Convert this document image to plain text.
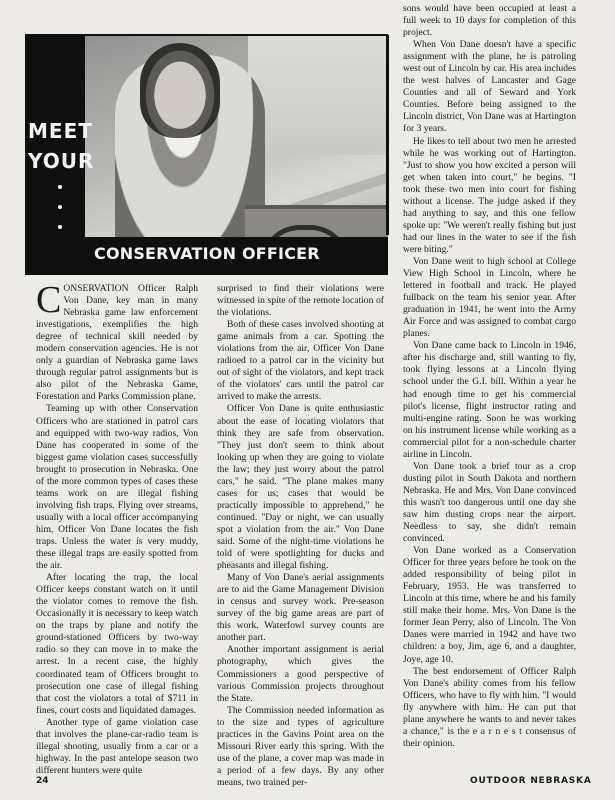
MEET
YOUR
CONSERVATION OFFICER

CONSERVATION Officer Ralph Von Dane, key man in many Nebraska game law enforcement investigations, exemplifies the high degree of technical skill needed by modern conservation agencies. He is not only a guardian of Nebraska game laws through regular patrol assignments but is also pilot of the Nebraska Game, Forestation and Parks Commission plane.

Teaming up with other Conservation Officers who are stationed in patrol cars and equipped with two-way radios, Von Dane has cooperated in some of the biggest game violation cases successfully brought to prosecution in Nebraska. One of the more common types of cases these teams work on are illegal fishing involving fish traps. Flying over streams, usually with a local officer accompanying him, Officer Von Dane locates the fish traps. Unless the water is very muddy, these illegal traps are easily spotted from the air.

After locating the trap, the local Officer keeps constant watch on it until the violator comes to remove the fish. Occasionally it is necessary to keep watch on the traps by plane and notify the ground-stationed Officers by two-way radio so they can move in to make the arrest. In a recent case, the highly coordinated team of Officers brought to prosecution one case of illegal fishing that cost the violators a total of $711 in fines, court costs and liquidated damages.

Another type of game violation case that involves the plane-car-radio team is illegal shooting, usually from a car or a highway. In the past antelope season two different hunters were quite

surprised to find their violations were witnessed in spite of the remote location of the violations.

Both of these cases involved shooting at game animals from a car. Spotting the violations from the air, Officer Von Dane radioed to a patrol car in the vicinity but out of sight of the violators, and kept track of the violators' cars until the patrol car arrived to make the arrests.

Officer Von Dane is quite enthusiastic about the ease of locating violators that think they are safe from observation. "They just don't seem to think about looking up when they are going to violate the law; they just worry about the patrol cars," he said. "The plane makes many cases for us; cases that would be practically impossible to apprehend," he continued. "Day or night, we can usually spot a violation from the air." Von Dane said. Some of the night-time violations he told of were spotlighting for ducks and pheasants and illegal fishing.

Many of Von Dane's aerial assignments are to aid the Game Management Division in census and survey work. Pre-season survey of the big game areas are part of this work. Waterfowl survey counts are another part.

Another important assignment is aerial photography, which gives the Commissioners a good perspective of various Commission projects throughout the State.

The Commission needed information as to the size and types of agriculture practices in the Gavins Point area on the Missouri River early this spring. With the use of the plane, a cover map was made in a period of a few days. By any other means, two trained per-

sons would have been occupied at least a full week to 10 days for completion of this project.

When Von Dane doesn't have a specific assignment with the plane, he is patroling west out of Lincoln by car. His area includes the west halves of Lancaster and Gage Counties and all of Seward and York Counties. Before being assigned to the Lincoln district, Von Dane was at Hartington for 3 years.

He likes to tell about two men he arrested while he was working out of Hartington. "Just to show you how excited a person will get when taken into court," he begins. "I took these two men into court for fishing without a license. The judge asked if they had anything to say, and this one fellow spoke up: "We weren't really fishing but just had our lines in the water to see if the fish were biting."

Von Dane went to high school at College View High School in Lincoln, where he lettered in football and track. He played fullback on the team his senior year. After graduation in 1941, he went into the Army Air Force and was assigned to combat cargo planes.

Von Dane came back to Lincoln in 1946, after his discharge and, still wanting to fly, took flying lessons at a Lincoln flying school under the G.I. bill. Within a year he had enough time to get his commercial pilot's license, flight instructor rating and multi-engine rating. Soon he was working on his instrument license while working as a commercial pilot for a non-schedule charter airline in Lincoln.

Von Dane took a brief tour as a crop dusting pilot in South Dakota and northern Nebraska. He and Mrs. Von Dane convinced this wasn't too dangerous until one day she saw him dusting crops near the airport. Needless to say, she didn't remain convinced.

Von Dane worked as a Conservation Officer for three years before he took on the added responsibility of being pilot in February, 1953. He was transferred to Lincoln at this time, where he and his family still make their home. Mrs. Von Dane is the former Jean Perry, also of Lincoln. The Von Danes were married in 1942 and have two children: a boy, Jim, age 6, and a daughter, Joye, age 10.

The best endorsement of Officer Ralph Von Dane's ability comes from his fellow Officers, who have to fly with him. "I would fly anywhere with him. He can put that plane anywhere he wants to and never takes a chance," is the e a r n e s t consensus of their opinion.

24	OUTDOOR NEBRASKA
